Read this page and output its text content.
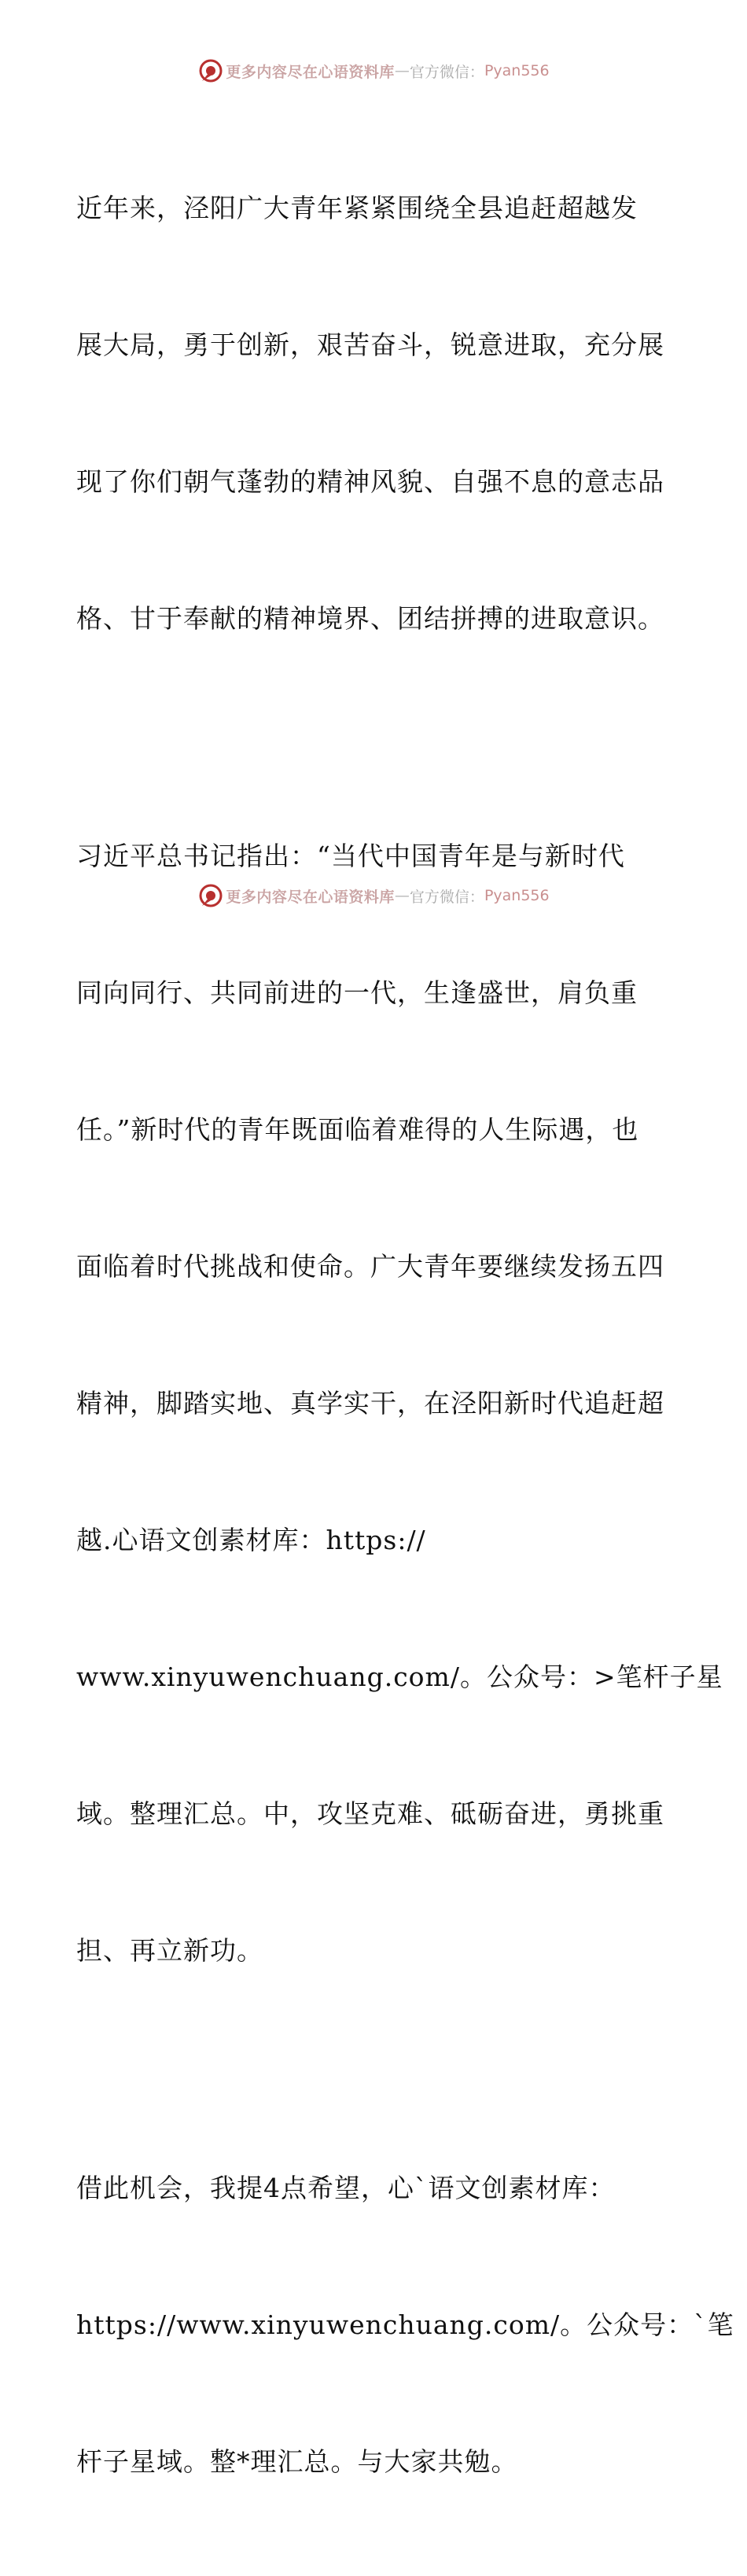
更多内容尽在心语资料库 — 官方微信： Pyan556

近年来，泾阳广大青年紧紧围绕全县追赶超越发

展大局，勇于创新，艰苦奋斗，锐意进取，充分展

现了你们朝气蓬勃的精神风貌、自强不息的意志品

格、甘于奉献的精神境界、团结拼搏的进取意识。

习近平总书记指出：“当代中国青年是与新时代

同向同行、共同前进的一代，生逢盛世，肩负重

任。”新时代的青年既面临着难得的人生际遇，也

面临着时代挑战和使命。广大青年要继续发扬五四

精神，脚踏实地、真学实干，在泾阳新时代追赶超

越.心语文创素材库：https://

www.xinyuwenchuang.com/。公众号：>笔杆子星

域。整理汇总。中，攻坚克难、砥砺奋进，勇挑重

担、再立新功。

借此机会，我提4点希望，心`语文创素材库：

https://www.xinyuwenchuang.com/。公众号：`笔

杆子星域。整*理汇总。与大家共勉。

更多内容尽在心语资料库 — 官方微信： Pyan556
